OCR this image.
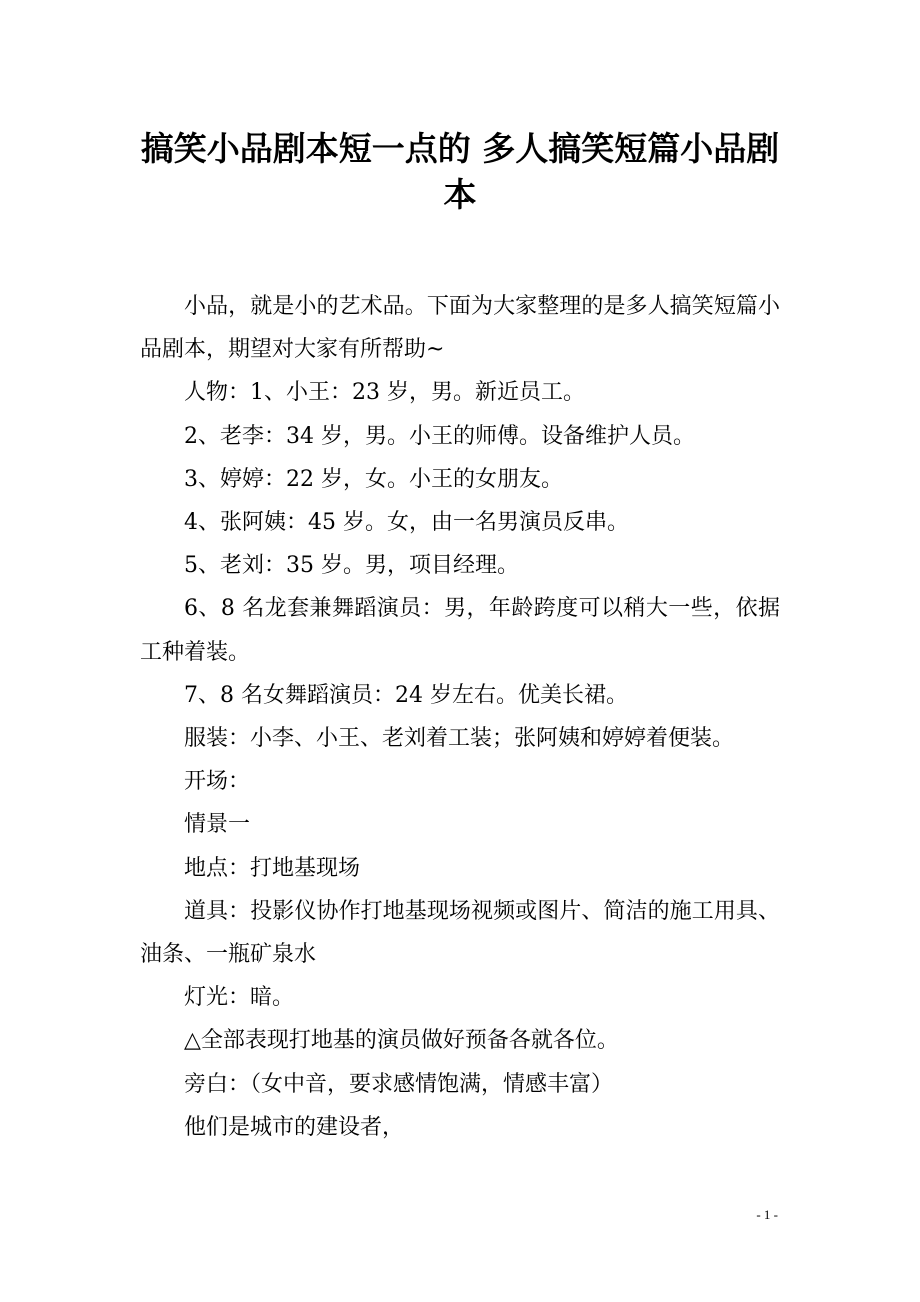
搞笑小品剧本短一点的 多人搞笑短篇小品剧本

小品，就是小的艺术品。下面为大家整理的是多人搞笑短篇小品剧本，期望对大家有所帮助~

人物：1、小王：23 岁，男。新近员工。

2、老李：34 岁，男。小王的师傅。设备维护人员。

3、婷婷：22 岁，女。小王的女朋友。

4、张阿姨：45 岁。女，由一名男演员反串。

5、老刘：35 岁。男，项目经理。

6、8 名龙套兼舞蹈演员：男，年龄跨度可以稍大一些，依据工种着装。

7、8 名女舞蹈演员：24 岁左右。优美长裙。

服装：小李、小王、老刘着工装；张阿姨和婷婷着便装。

开场：

情景一

地点：打地基现场

道具：投影仪协作打地基现场视频或图片、简洁的施工用具、油条、一瓶矿泉水

灯光：暗。

△全部表现打地基的演员做好预备各就各位。

旁白：（女中音，要求感情饱满，情感丰富）

他们是城市的建设者，

- 1 -
